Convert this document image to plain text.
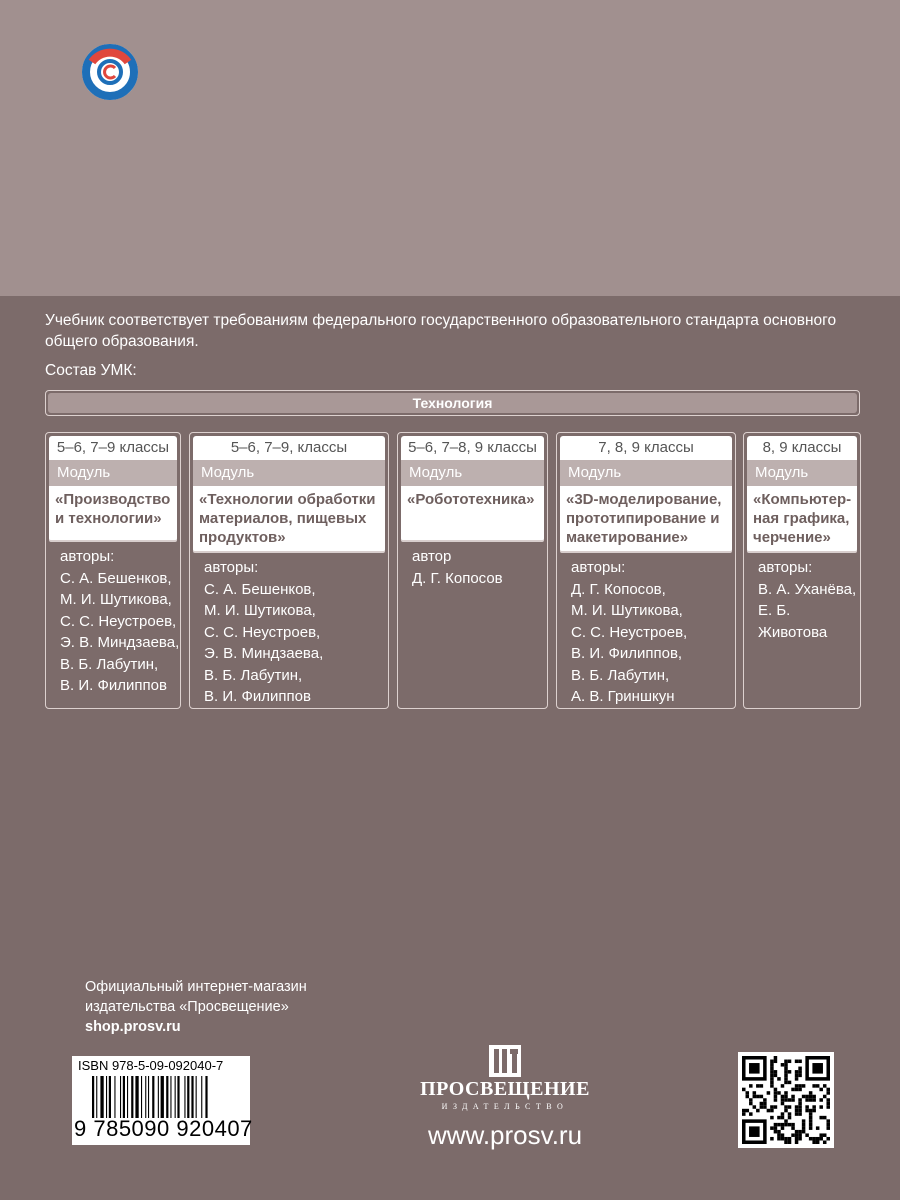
Учебник соответствует требованиям федерального государственного образовательного стандарта основного общего образования.
Состав УМК:
Технология
5–6, 7–9 классы
Модуль
«Производство и технологии»
авторы:
С. А. Бешенков,
М. И. Шутикова,
С. С. Неустроев,
Э. В. Миндзаева,
В. Б. Лабутин,
В. И. Филиппов
5–6, 7–9, классы
Модуль
«Технологии обработки материалов, пищевых продуктов»
авторы:
С. А. Бешенков,
М. И. Шутикова,
С. С. Неустроев,
Э. В. Миндзаева,
В. Б. Лабутин,
В. И. Филиппов
5–6, 7–8, 9 классы
Модуль
«Робототехника»
автор
Д. Г. Копосов
7, 8, 9 классы
Модуль
«3D-моделирование, прототипирование и макетирование»
авторы:
Д. Г. Копосов,
М. И. Шутикова,
С. С. Неустроев,
В. И. Филиппов,
В. Б. Лабутин,
А. В. Гриншкун
8, 9 классы
Модуль
«Компьютер-ная графика, черчение»
авторы:
В. А. Уханёва,
Е. Б. Животова
Официальный интернет-магазин
издательства «Просвещение»
shop.prosv.ru
ISBN 978-5-09-092040-7
9 785090 920407
ПРОСВЕЩЕНИЕ
ИЗДАТЕЛЬСТВО
www.prosv.ru
